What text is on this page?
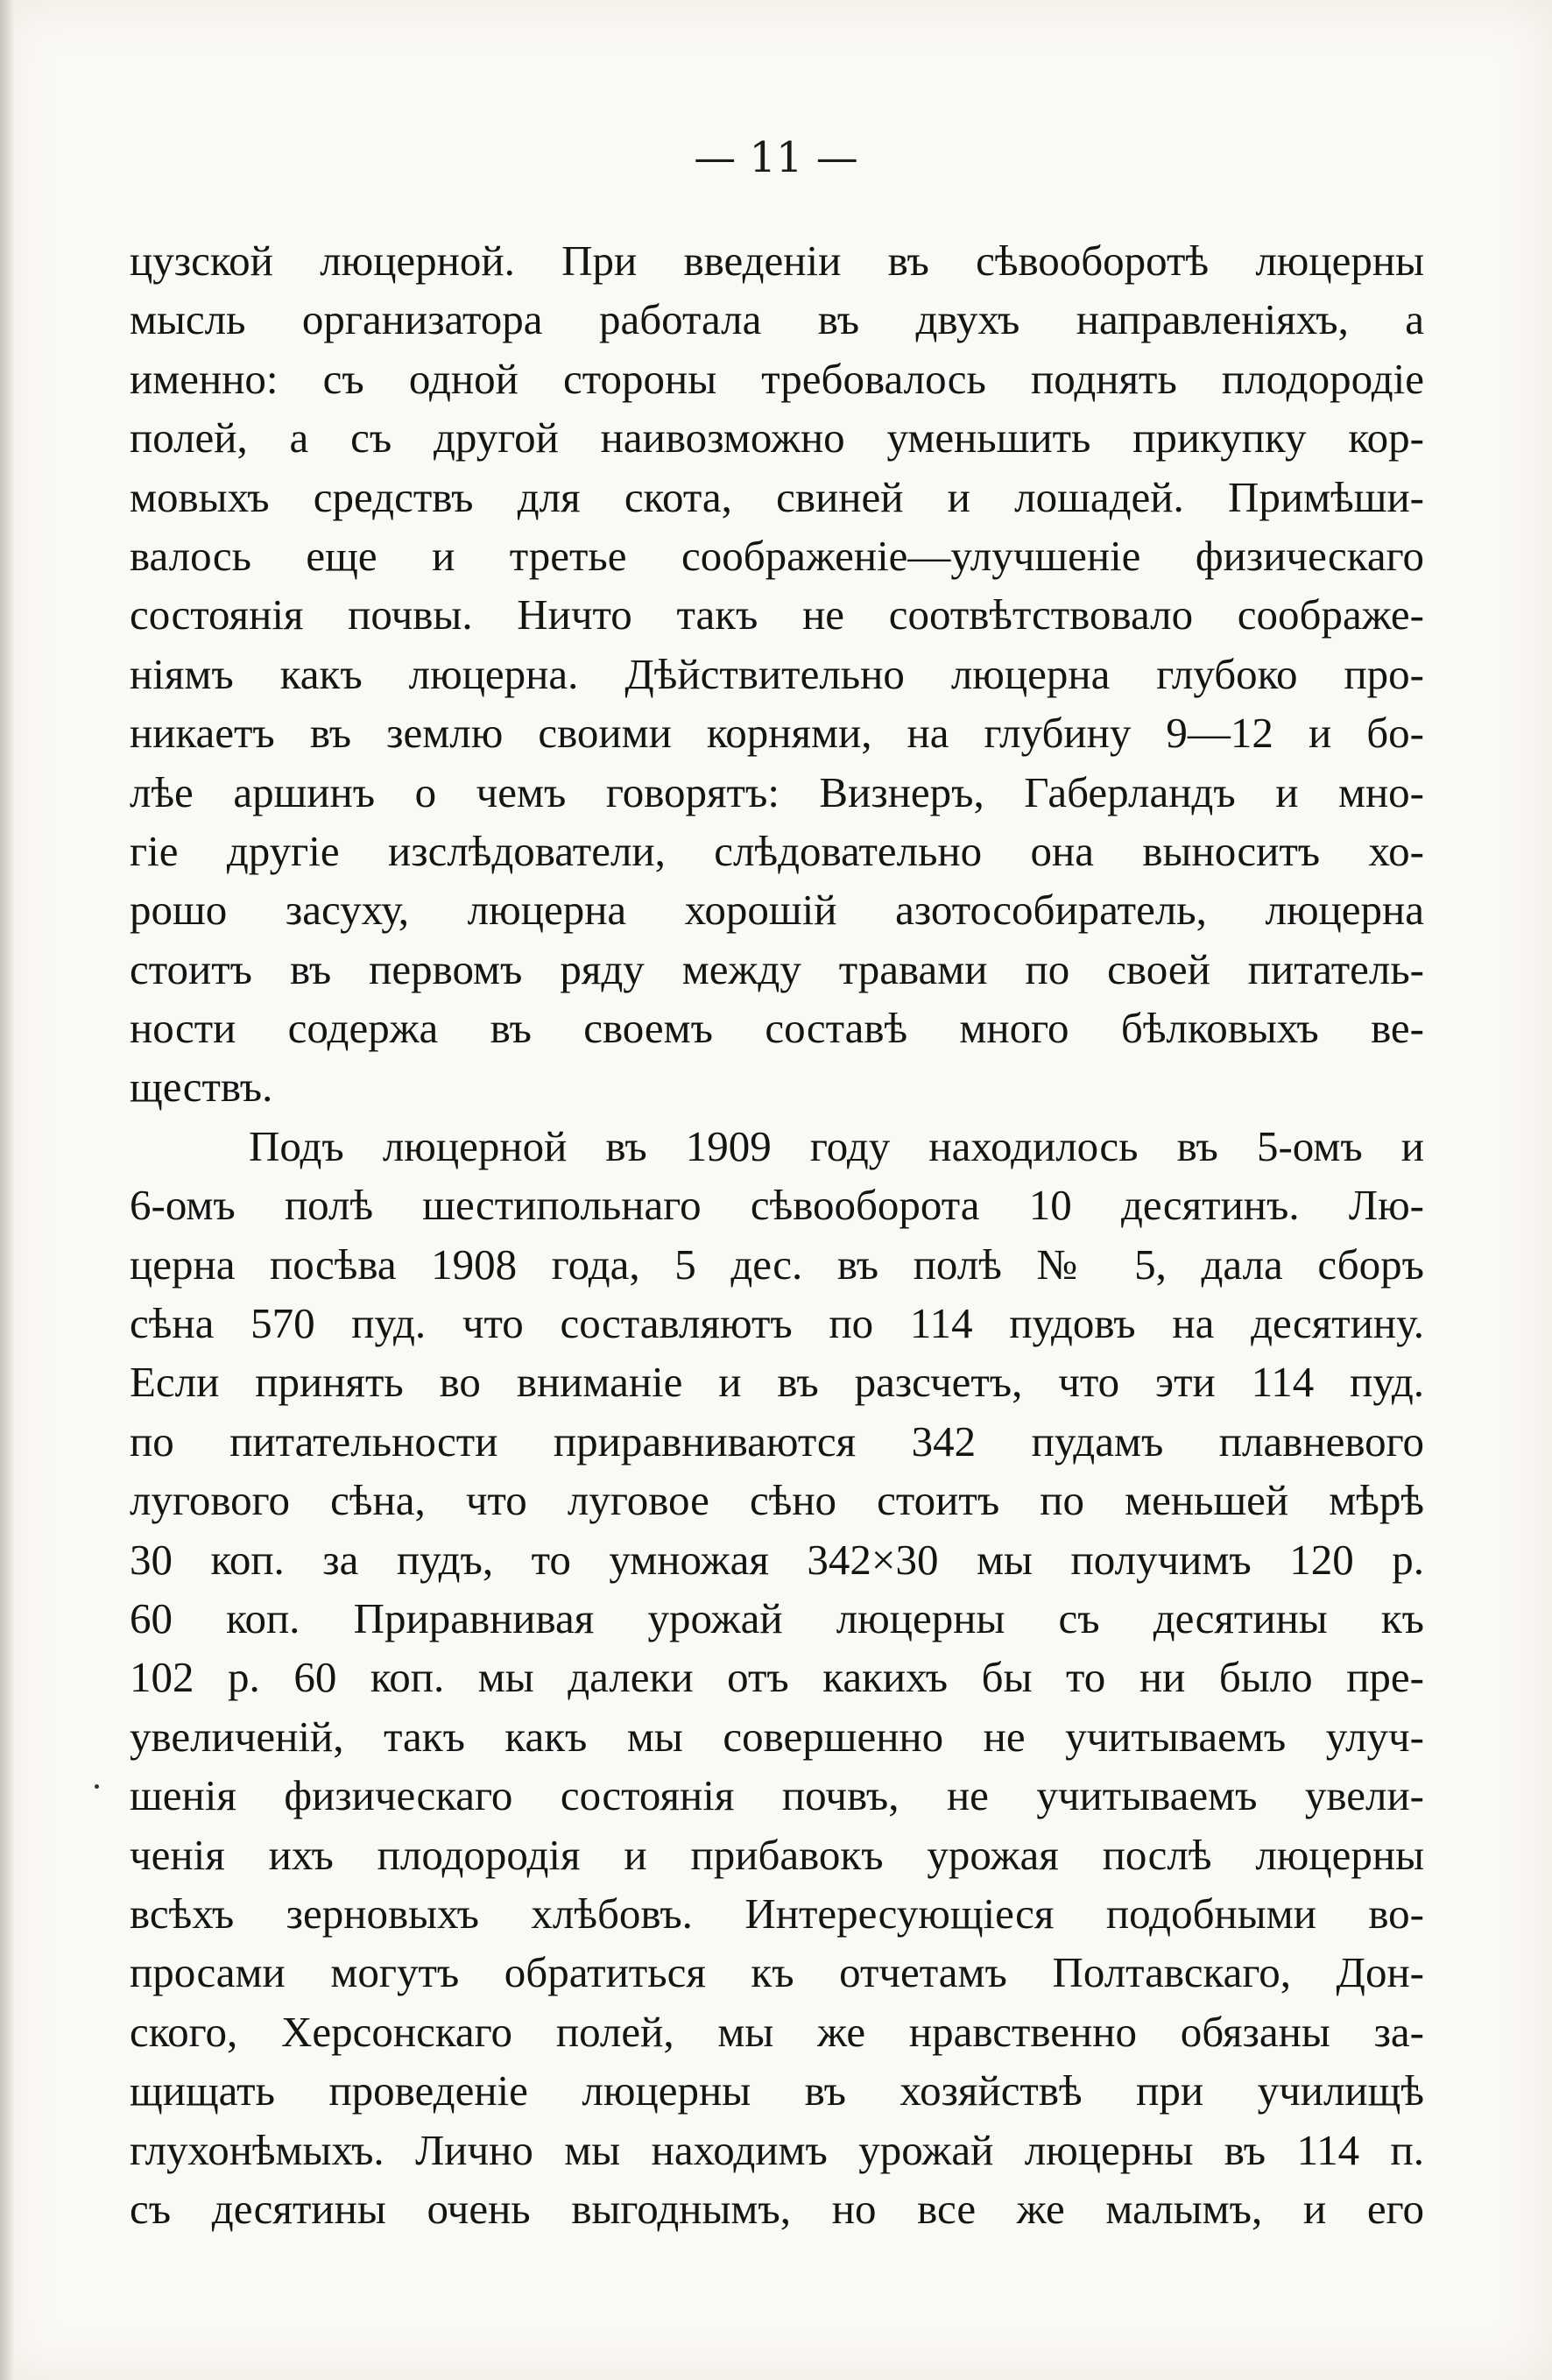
— 11 —
цузской люцерной. При введеніи въ сѣвооборотѣ люцерны
мысль организатора работала въ двухъ направленіяхъ, а
именно: съ одной стороны требовалось поднять плодородіе
полей, а съ другой наивозможно уменьшить прикупку кор-
мовыхъ средствъ для скота, свиней и лошадей. Примѣши-
валось еще и третье соображеніе—улучшеніе физическаго
состоянія почвы. Ничто такъ не соотвѣтствовало соображе-
ніямъ какъ люцерна. Дѣйствительно люцерна глубоко про-
никаетъ въ землю своими корнями, на глубину 9—12 и бо-
лѣе аршинъ о чемъ говорятъ: Визнеръ, Габерландъ и мно-
гіе другіе изслѣдователи, слѣдовательно она выноситъ хо-
рошо засуху, люцерна хорошій азотособиратель, люцерна
стоитъ въ первомъ ряду между травами по своей питатель-
ности содержа въ своемъ составѣ много бѣлковыхъ ве-
ществъ.
Подъ люцерной въ 1909 году находилось въ 5-омъ и
6-омъ полѣ шестипольнаго сѣвооборота 10 десятинъ. Лю-
церна посѣва 1908 года, 5 дес. въ полѣ № 5, дала сборъ
сѣна 570 пуд. что составляютъ по 114 пудовъ на десятину.
Если принять во вниманіе и въ разсчетъ, что эти 114 пуд.
по питательности приравниваются 342 пудамъ плавневого
лугового сѣна, что луговое сѣно стоитъ по меньшей мѣрѣ
30 коп. за пудъ, то умножая 342×30 мы получимъ 120 р.
60 коп. Приравнивая урожай люцерны съ десятины къ
102 р. 60 коп. мы далеки отъ какихъ бы то ни было пре-
увеличеній, такъ какъ мы совершенно не учитываемъ улуч-
шенія физическаго состоянія почвъ, не учитываемъ увели-
ченія ихъ плодородія и прибавокъ урожая послѣ люцерны
всѣхъ зерновыхъ хлѣбовъ. Интересующіеся подобными во-
просами могутъ обратиться къ отчетамъ Полтавскаго, Дон-
ского, Херсонскаго полей, мы же нравственно обязаны за-
щищать проведеніе люцерны въ хозяйствѣ при училищѣ
глухонѣмыхъ. Лично мы находимъ урожай люцерны въ 114 п.
съ десятины очень выгоднымъ, но все же малымъ, и его
